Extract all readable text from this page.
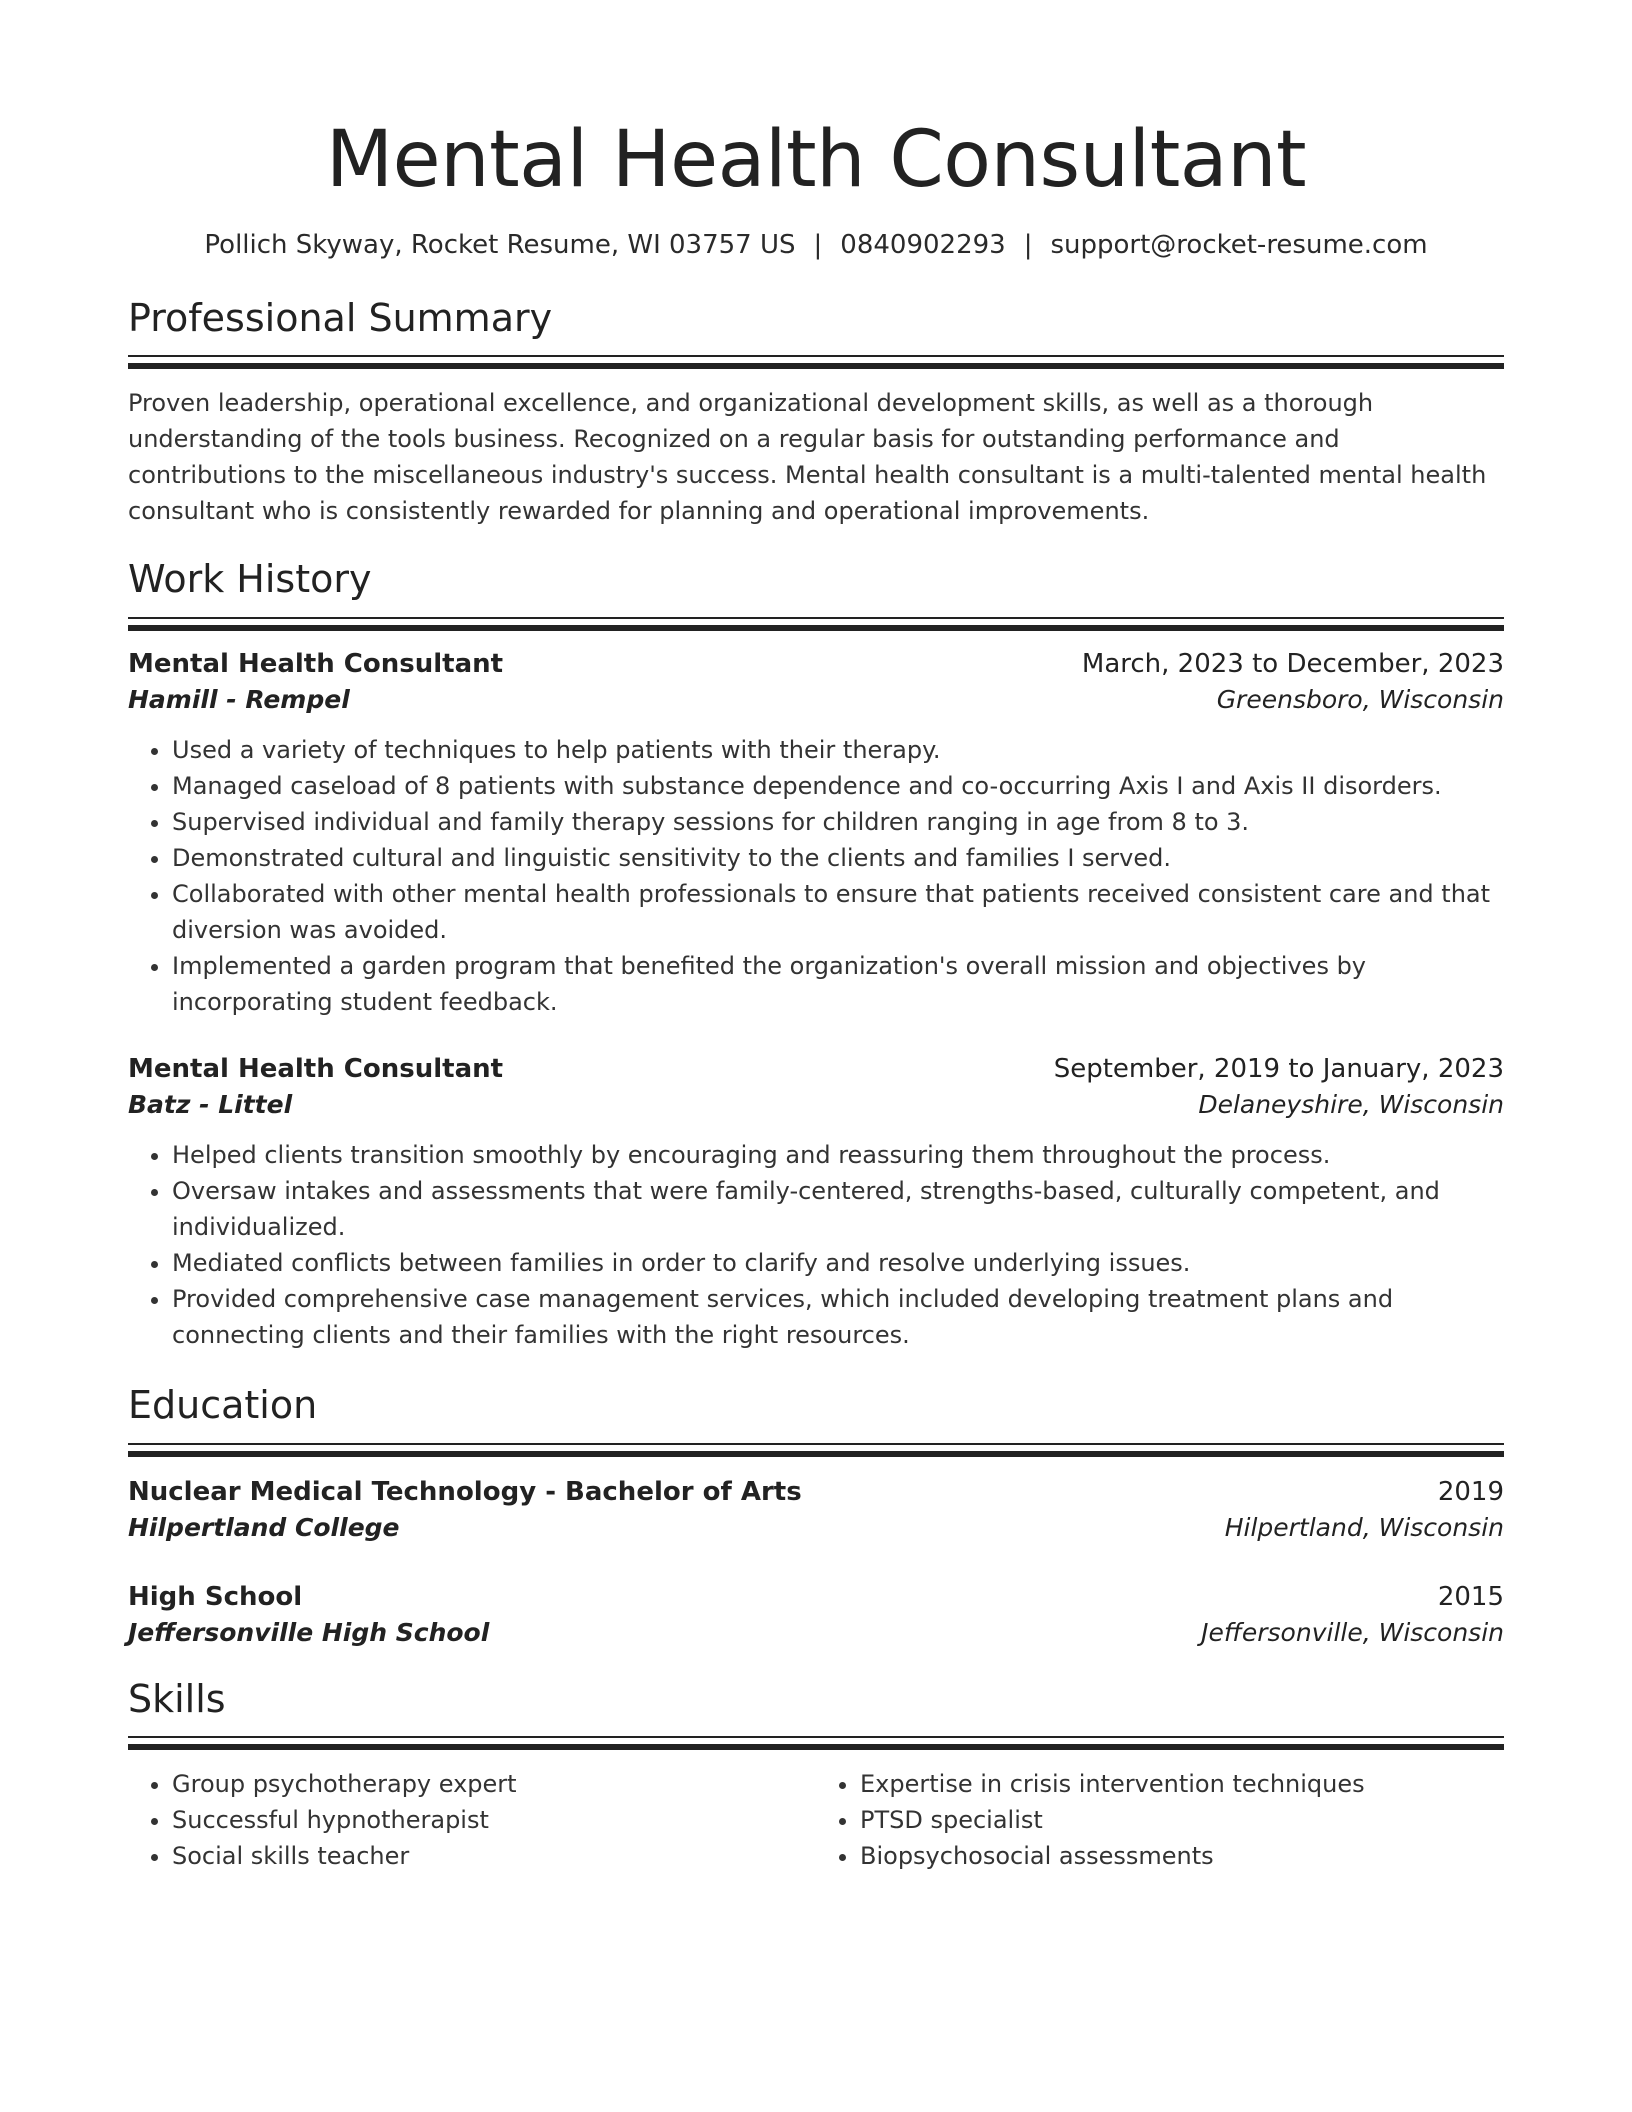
Mental Health Consultant
Pollich Skyway, Rocket Resume, WI 03757 US | 0840902293 | support@rocket-resume.com
Professional Summary
Proven leadership, operational excellence, and organizational development skills, as well as a thorough understanding of the tools business. Recognized on a regular basis for outstanding performance and contributions to the miscellaneous industry's success. Mental health consultant is a multi-talented mental health consultant who is consistently rewarded for planning and operational improvements.
Work History
Mental Health Consultant	March, 2023 to December, 2023
Hamill - Rempel	Greensboro, Wisconsin
• Used a variety of techniques to help patients with their therapy.
• Managed caseload of 8 patients with substance dependence and co-occurring Axis I and Axis II disorders.
• Supervised individual and family therapy sessions for children ranging in age from 8 to 3.
• Demonstrated cultural and linguistic sensitivity to the clients and families I served.
• Collaborated with other mental health professionals to ensure that patients received consistent care and that diversion was avoided.
• Implemented a garden program that benefited the organization's overall mission and objectives by incorporating student feedback.
Mental Health Consultant	September, 2019 to January, 2023
Batz - Littel	Delaneyshire, Wisconsin
• Helped clients transition smoothly by encouraging and reassuring them throughout the process.
• Oversaw intakes and assessments that were family-centered, strengths-based, culturally competent, and individualized.
• Mediated conflicts between families in order to clarify and resolve underlying issues.
• Provided comprehensive case management services, which included developing treatment plans and connecting clients and their families with the right resources.
Education
Nuclear Medical Technology - Bachelor of Arts	2019
Hilpertland College	Hilpertland, Wisconsin
High School	2015
Jeffersonville High School	Jeffersonville, Wisconsin
Skills
• Group psychotherapy expert
• Successful hypnotherapist
• Social skills teacher
• Expertise in crisis intervention techniques
• PTSD specialist
• Biopsychosocial assessments
